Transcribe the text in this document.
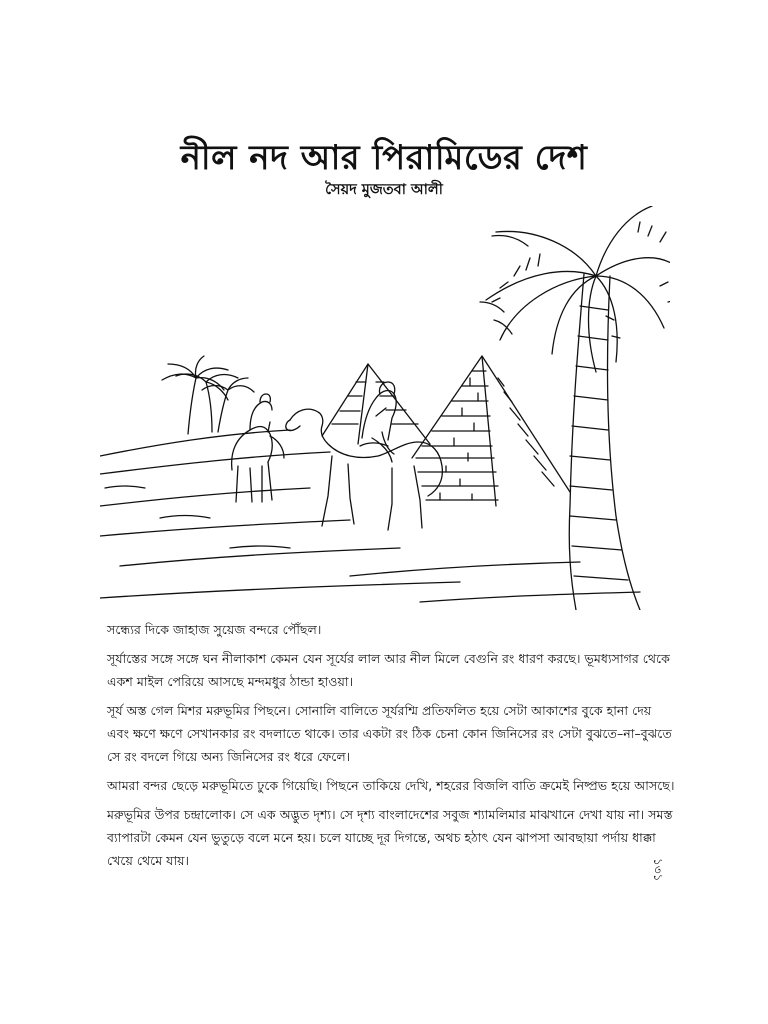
নীল নদ আর পিরামিডের দেশ
সৈয়দ মুজতবা আলী

সন্ধ্যের দিকে জাহাজ সুয়েজ বন্দরে পৌঁছল।

সূর্যাস্তের সঙ্গে সঙ্গে ঘন নীলাকাশ কেমন যেন সূর্যের লাল আর নীল মিলে বেগুনি রং ধারণ করছে। ভূমধ্যসাগর থেকে একশ মাইল পেরিয়ে আসছে মন্দমধুর ঠান্ডা হাওয়া।

সূর্য অস্ত গেল মিশর মরুভূমির পিছনে। সোনালি বালিতে সূর্যরশ্মি প্রতিফলিত হয়ে সেটা আকাশের বুকে হানা দেয় এবং ক্ষণে ক্ষণে সেখানকার রং বদলাতে থাকে। তার একটা রং ঠিক চেনা কোন জিনিসের রং সেটা বুঝতে–না–বুঝতে সে রং বদলে গিয়ে অন্য জিনিসের রং ধরে ফেলে।

আমরা বন্দর ছেড়ে মরুভূমিতে ঢুকে গিয়েছি। পিছনে তাকিয়ে দেখি, শহরের বিজলি বাতি ক্রমেই নিষ্প্রভ হয়ে আসছে।

মরুভূমির উপর চন্দ্রালোক। সে এক অদ্ভুত দৃশ্য। সে দৃশ্য বাংলাদেশের সবুজ শ্যামলিমার মাঝখানে দেখা যায় না। সমস্ত ব্যাপারটা কেমন যেন ভুতুড়ে বলে মনে হয়। চলে যাচ্ছে দূর দিগন্তে, অথচ হঠাৎ যেন ঝাপসা আবছায়া পর্দায় ধাক্কা খেয়ে থেমে যায়।	১৩১
